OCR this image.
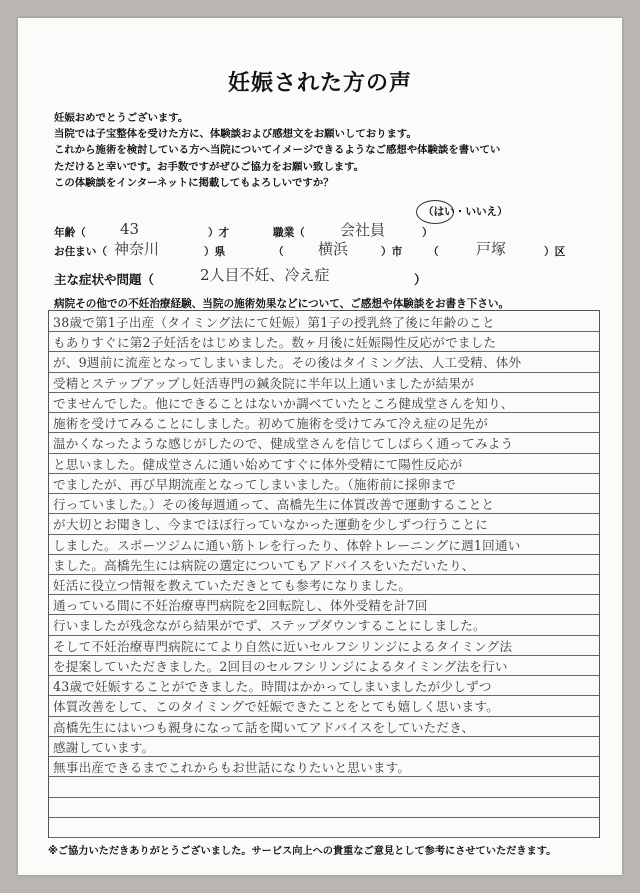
妊娠された方の声
妊娠おめでとうございます。
当院では子宝整体を受けた方に、体験談および感想文をお願いしております。
これから施術を検討している方へ当院についてイメージできるようなご感想や体験談を書いてい
ただけると幸いです。お手数ですがぜひご協力をお願い致します。
この体験談をインターネットに掲載してもよろしいですか？
（はい・いいえ）
年齢（ 43	）才	職業（ 会社員	）
お住まい（ 神奈川	）県	（ 横浜	）市 （ 戸塚	）区
主な症状や問題（	2人目不妊、冷え症	）
病院その他での不妊治療経験、当院の施術効果などについて、ご感想や体験談をお書き下さい。
38歳で第1子出産（タイミング法にて妊娠）第1子の授乳終了後に年齢のこと
もありすぐに第2子妊活をはじめました。数ヶ月後に妊娠陽性反応がでました
が、9週前に流産となってしまいました。その後はタイミング法、人工受精、体外
受精とステップアップし妊活専門の鍼灸院に半年以上通いましたが結果が
でませんでした。他にできることはないか調べていたところ健成堂さんを知り、
施術を受けてみることにしました。初めて施術を受けてみて冷え症の足先が
温かくなったような感じがしたので、健成堂さんを信じてしばらく通ってみよう
と思いました。健成堂さんに通い始めてすぐに体外受精にて陽性反応が
でましたが、再び早期流産となってしまいました。（施術前に採卵まで
行っていました。）その後毎週通って、高橋先生に体質改善で運動することと
が大切とお聞きし、今までほぼ行っていなかった運動を少しずつ行うことに
しました。スポーツジムに通い筋トレを行ったり、体幹トレーニングに週1回通い
ました。高橋先生には病院の選定についてもアドバイスをいただいたり、
妊活に役立つ情報を教えていただきとても参考になりました。
通っている間に不妊治療専門病院を2回転院し、体外受精を計7回
行いましたが残念ながら結果がでず、ステップダウンすることにしました。
そして不妊治療専門病院にてより自然に近いセルフシリンジによるタイミング法
を提案していただきました。2回目のセルフシリンジによるタイミング法を行い
43歳で妊娠することができました。時間はかかってしまいましたが少しずつ
体質改善をして、このタイミングで妊娠できたことをとても嬉しく思います。
高橋先生にはいつも親身になって話を聞いてアドバイスをしていただき、
感謝しています。
無事出産できるまでこれからもお世話になりたいと思います。
※ご協力いただきありがとうございました。サービス向上への貴重なご意見として参考にさせていただきます。
